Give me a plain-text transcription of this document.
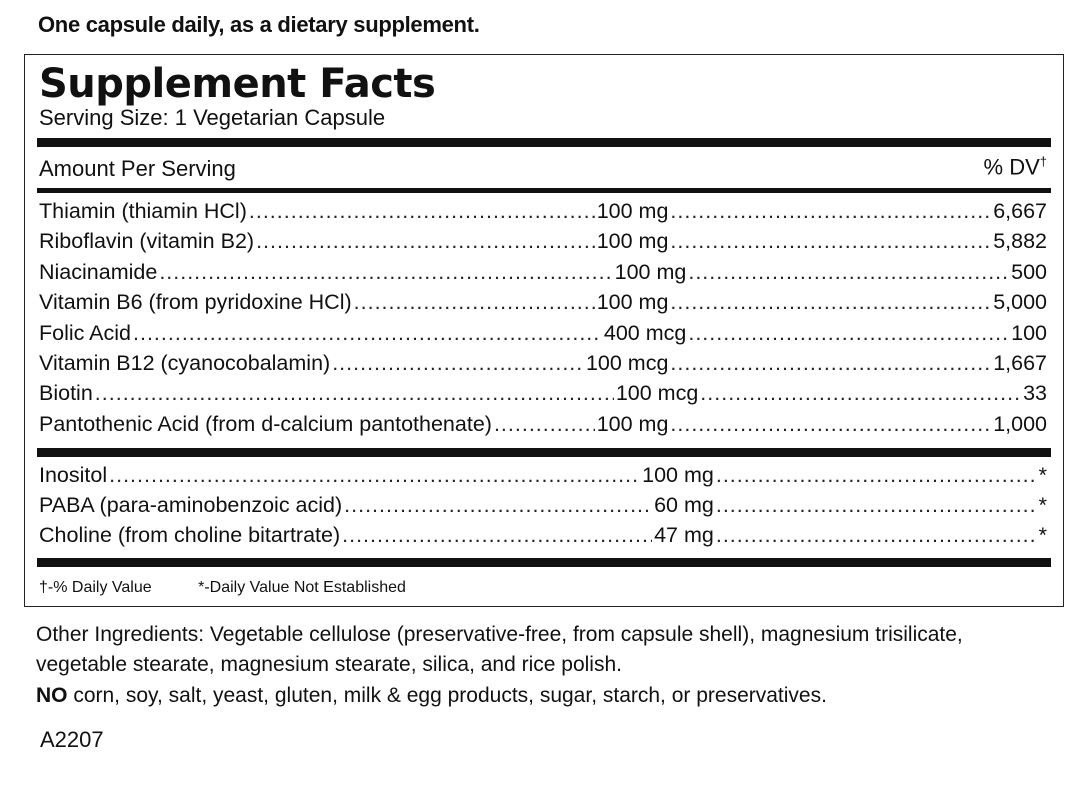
One capsule daily, as a dietary supplement.
Supplement Facts
Serving Size: 1 Vegetarian Capsule
Amount Per Serving	% DV†
Thiamin (thiamin HCl) .....	100 mg .....	6,667
Riboflavin (vitamin B2) .....	100 mg .....	5,882
Niacinamide .....	100 mg .....	500
Vitamin B6 (from pyridoxine HCl) .....	100 mg .....	5,000
Folic Acid .....	400 mcg .....	100
Vitamin B12 (cyanocobalamin) .....	100 mcg .....	1,667
Biotin .....	100 mcg .....	33
Pantothenic Acid (from d-calcium pantothenate) .....	100 mg .....	1,000
Inositol .....	100 mg .....	*
PABA (para-aminobenzoic acid) .....	60 mg .....	*
Choline (from choline bitartrate) .....	47 mg .....	*
†-% Daily Value	*-Daily Value Not Established
Other Ingredients: Vegetable cellulose (preservative-free, from capsule shell), magnesium trisilicate, vegetable stearate, magnesium stearate, silica, and rice polish.
NO corn, soy, salt, yeast, gluten, milk & egg products, sugar, starch, or preservatives.
A2207
